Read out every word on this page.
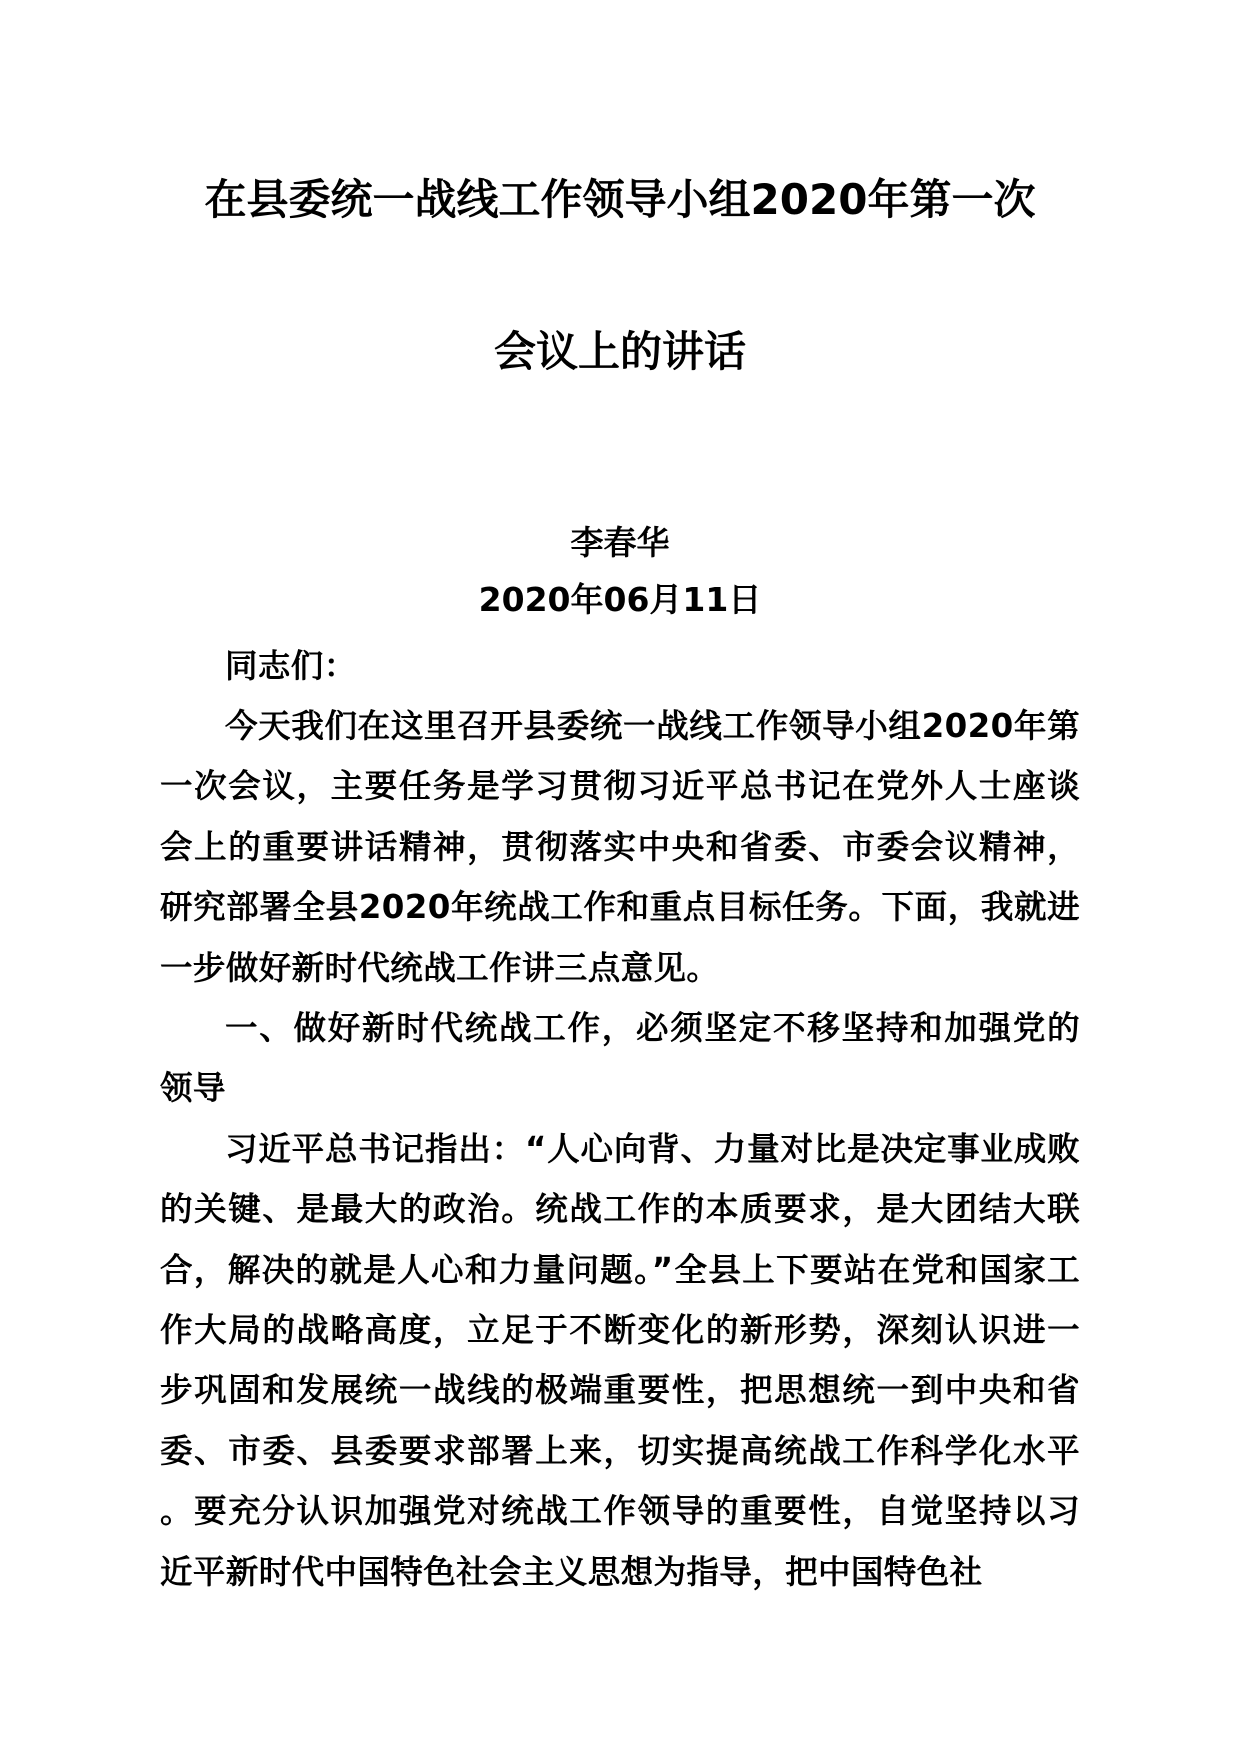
在县委统一战线工作领导小组2020年第一次
会议上的讲话
李春华
2020年06月11日

同志们：

今天我们在这里召开县委统一战线工作领导小组2020年第一次会议，主要任务是学习贯彻习近平总书记在党外人士座谈会上的重要讲话精神，贯彻落实中央和省委、市委会议精神，研究部署全县2020年统战工作和重点目标任务。下面，我就进一步做好新时代统战工作讲三点意见。

一、做好新时代统战工作，必须坚定不移坚持和加强党的领导

习近平总书记指出：“人心向背、力量对比是决定事业成败的关键、是最大的政治。统战工作的本质要求，是大团结大联合，解决的就是人心和力量问题。”全县上下要站在党和国家工作大局的战略高度，立足于不断变化的新形势，深刻认识进一步巩固和发展统一战线的极端重要性，把思想统一到中央和省委、市委、县委要求部署上来，切实提高统战工作科学化水平。要充分认识加强党对统战工作领导的重要性，自觉坚持以习近平新时代中国特色社会主义思想为指导，把中国特色社
